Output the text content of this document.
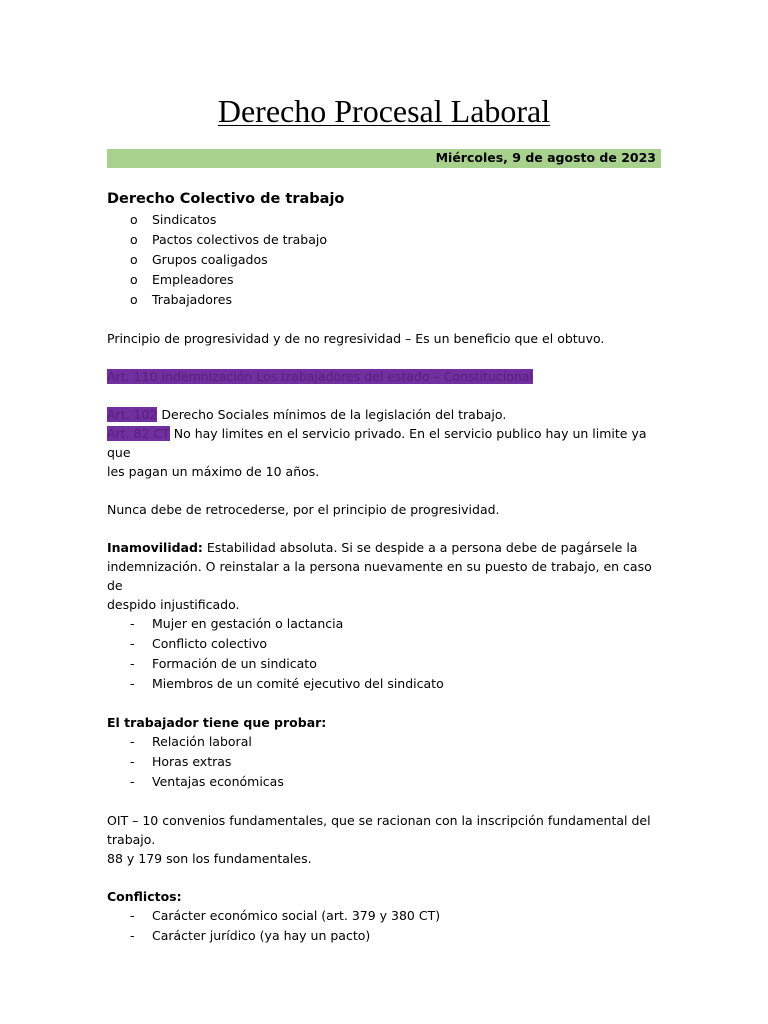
Derecho Procesal Laboral
Miércoles, 9 de agosto de 2023

Derecho Colectivo de trabajo

o Sindicatos
o Pactos colectivos de trabajo
o Grupos coaligados
o Empleadores
o Trabajadores

Principio de progresividad y de no regresividad – Es un beneficio que el obtuvo.

Art. 110 Indemnización Los trabajadores del estado – Constitucional

Art. 102 Derecho Sociales mínimos de la legislación del trabajo.

Art. 82 CT No hay limites en el servicio privado. En el servicio publico hay un limite ya que
les pagan un máximo de 10 años.

Nunca debe de retrocederse, por el principio de progresividad.

Inamovilidad: Estabilidad absoluta. Si se despide a a persona debe de pagársele la
indemnización. O reinstalar a la persona nuevamente en su puesto de trabajo, en caso de
despido injustificado.

- Mujer en gestación o lactancia
- Conflicto colectivo
- Formación de un sindicato
- Miembros de un comité ejecutivo del sindicato

El trabajador tiene que probar:

- Relación laboral
- Horas extras
- Ventajas económicas

OIT – 10 convenios fundamentales, que se racionan con la inscripción fundamental del
trabajo.
88 y 179 son los fundamentales.

Conflictos:

- Carácter económico social (art. 379 y 380 CT)
- Carácter jurídico (ya hay un pacto)
